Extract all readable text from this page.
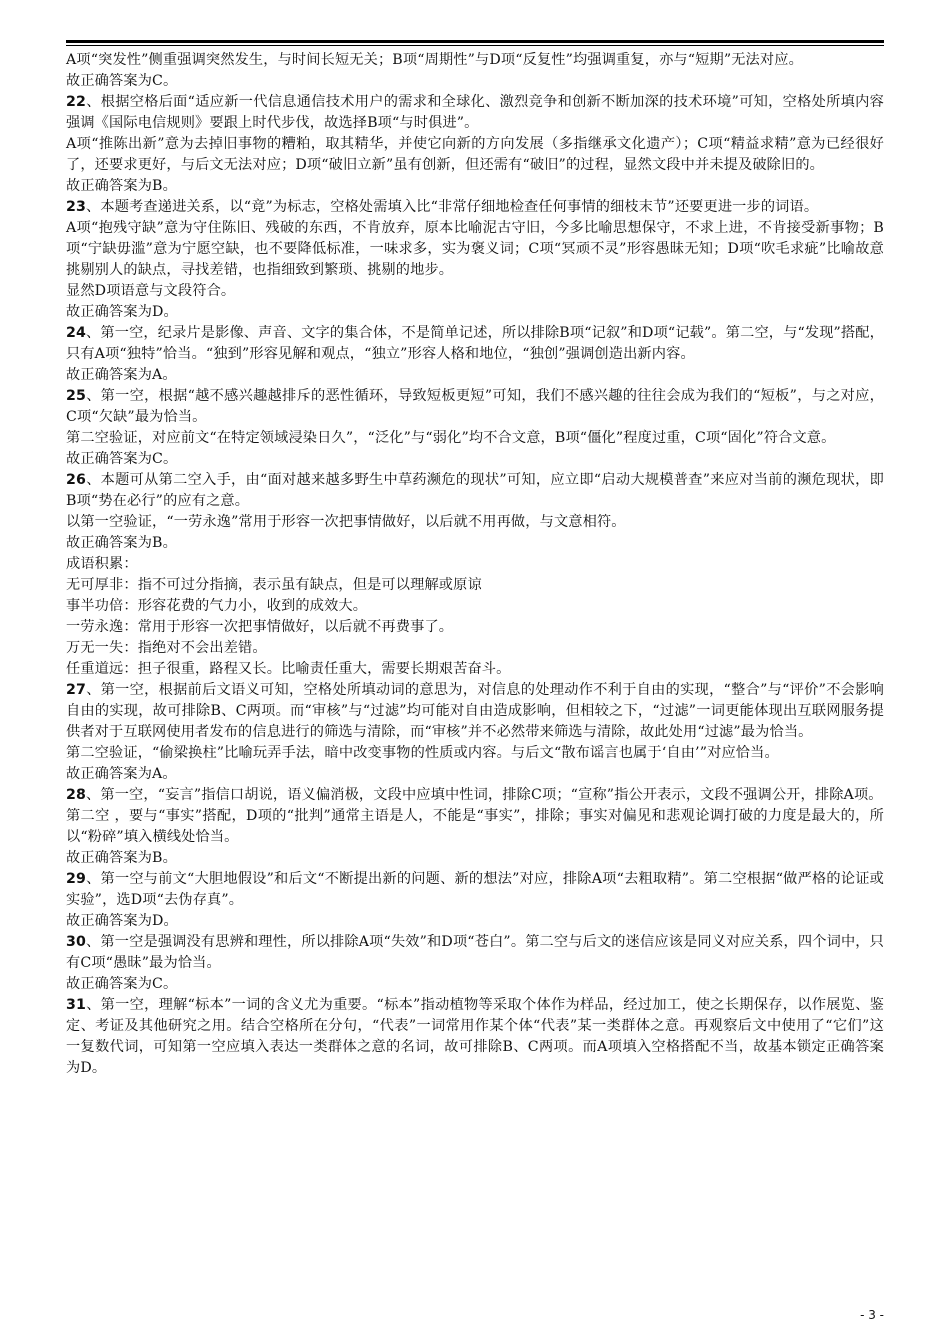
A项“突发性”侧重强调突然发生，与时间长短无关；B项“周期性”与D项“反复性”均强调重复，亦与“短期”无法对应。

故正确答案为C。

22、根据空格后面“适应新一代信息通信技术用户的需求和全球化、激烈竞争和创新不断加深的技术环境”可知，空格处所填内容强调《国际电信规则》要跟上时代步伐，故选择B项“与时俱进”。

A项“推陈出新”意为去掉旧事物的糟粕，取其精华，并使它向新的方向发展（多指继承文化遗产）；C项“精益求精”意为已经很好了，还要求更好，与后文无法对应；D项“破旧立新”虽有创新，但还需有“破旧”的过程，显然文段中并未提及破除旧的。

故正确答案为B。

23、本题考查递进关系，以“竟”为标志，空格处需填入比“非常仔细地检查任何事情的细枝末节”还要更进一步的词语。

A项“抱残守缺”意为守住陈旧、残破的东西，不肯放弃，原本比喻泥古守旧，今多比喻思想保守，不求上进，不肯接受新事物；B项“宁缺毋滥”意为宁愿空缺，也不要降低标准，一味求多，实为褒义词；C项“冥顽不灵”形容愚昧无知；D项“吹毛求疵”比喻故意挑剔别人的缺点，寻找差错，也指细致到繁琐、挑剔的地步。

显然D项语意与文段符合。

故正确答案为D。

24、第一空，纪录片是影像、声音、文字的集合体，不是简单记述，所以排除B项“记叙”和D项“记载”。第二空，与“发现”搭配，只有A项“独特”恰当。“独到”形容见解和观点，“独立”形容人格和地位，“独创”强调创造出新内容。

故正确答案为A。

25、第一空，根据“越不感兴趣越排斥的恶性循环，导致短板更短”可知，我们不感兴趣的往往会成为我们的“短板”，与之对应，C项“欠缺”最为恰当。

第二空验证，对应前文“在特定领域浸染日久”，“泛化”与“弱化”均不合文意，B项“僵化”程度过重，C项“固化”符合文意。

故正确答案为C。

26、本题可从第二空入手，由“面对越来越多野生中草药濒危的现状”可知，应立即“启动大规模普查”来应对当前的濒危现状，即B项“势在必行”的应有之意。

以第一空验证，“一劳永逸”常用于形容一次把事情做好，以后就不用再做，与文意相符。

故正确答案为B。

成语积累：

无可厚非：指不可过分指摘，表示虽有缺点，但是可以理解或原谅

事半功倍：形容花费的气力小，收到的成效大。

一劳永逸：常用于形容一次把事情做好，以后就不再费事了。

万无一失：指绝对不会出差错。

任重道远：担子很重，路程又长。比喻责任重大，需要长期艰苦奋斗。

27、第一空，根据前后文语义可知，空格处所填动词的意思为，对信息的处理动作不利于自由的实现，“整合”与“评价”不会影响自由的实现，故可排除B、C两项。而“审核”与“过滤”均可能对自由造成影响，但相较之下，“过滤”一词更能体现出互联网服务提供者对于互联网使用者发布的信息进行的筛选与清除，而“审核”并不必然带来筛选与清除，故此处用“过滤”最为恰当。

第二空验证，“偷梁换柱”比喻玩弄手法，暗中改变事物的性质或内容。与后文“散布谣言也属于‘自由’”对应恰当。

故正确答案为A。

28、第一空，“妄言”指信口胡说，语义偏消极，文段中应填中性词，排除C项；“宣称”指公开表示，文段不强调公开，排除A项。

第二空 ，要与“事实”搭配，D项的“批判”通常主语是人，不能是“事实”，排除；事实对偏见和悲观论调打破的力度是最大的，所以“粉碎”填入横线处恰当。

故正确答案为B。

29、第一空与前文“大胆地假设”和后文“不断提出新的问题、新的想法”对应，排除A项“去粗取精”。第二空根据“做严格的论证或实验”，选D项“去伪存真”。

故正确答案为D。

30、第一空是强调没有思辨和理性，所以排除A项“失效”和D项“苍白”。第二空与后文的迷信应该是同义对应关系，四个词中，只有C项“愚昧”最为恰当。

故正确答案为C。

31、第一空，理解“标本”一词的含义尤为重要。“标本”指动植物等采取个体作为样品，经过加工，使之长期保存，以作展览、鉴定、考证及其他研究之用。结合空格所在分句，“代表”一词常用作某个体“代表”某一类群体之意。再观察后文中使用了“它们”这一复数代词，可知第一空应填入表达一类群体之意的名词，故可排除B、C两项。而A项填入空格搭配不当，故基本锁定正确答案为D。

- 3 -
